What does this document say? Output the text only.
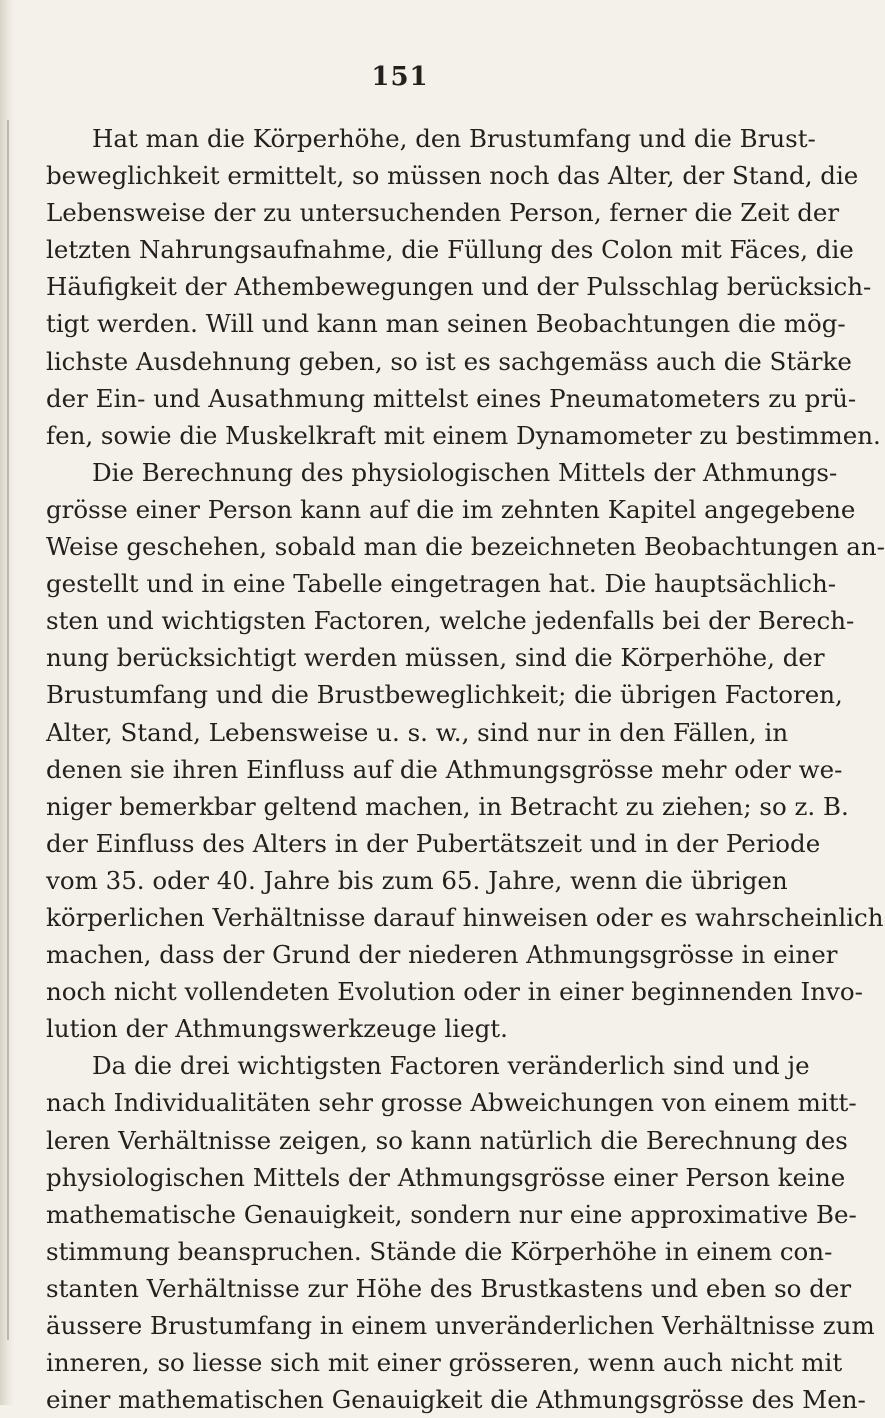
151
Hat man die Körperhöhe, den Brustumfang und die Brust-
beweglichkeit ermittelt, so müssen noch das Alter, der Stand, die
Lebensweise der zu untersuchenden Person, ferner die Zeit der
letzten Nahrungsaufnahme, die Füllung des Colon mit Fäces, die
Häufigkeit der Athembewegungen und der Pulsschlag berücksich-
tigt werden. Will und kann man seinen Beobachtungen die mög-
lichste Ausdehnung geben, so ist es sachgemäss auch die Stärke
der Ein- und Ausathmung mittelst eines Pneumatometers zu prü-
fen, sowie die Muskelkraft mit einem Dynamometer zu bestimmen.
Die Berechnung des physiologischen Mittels der Athmungs-
grösse einer Person kann auf die im zehnten Kapitel angegebene
Weise geschehen, sobald man die bezeichneten Beobachtungen an-
gestellt und in eine Tabelle eingetragen hat. Die hauptsächlich-
sten und wichtigsten Factoren, welche jedenfalls bei der Berech-
nung berücksichtigt werden müssen, sind die Körperhöhe, der
Brustumfang und die Brustbeweglichkeit; die übrigen Factoren,
Alter, Stand, Lebensweise u. s. w., sind nur in den Fällen, in
denen sie ihren Einfluss auf die Athmungsgrösse mehr oder we-
niger bemerkbar geltend machen, in Betracht zu ziehen; so z. B.
der Einfluss des Alters in der Pubertätszeit und in der Periode
vom 35. oder 40. Jahre bis zum 65. Jahre, wenn die übrigen
körperlichen Verhältnisse darauf hinweisen oder es wahrscheinlich
machen, dass der Grund der niederen Athmungsgrösse in einer
noch nicht vollendeten Evolution oder in einer beginnenden Invo-
lution der Athmungswerkzeuge liegt.
Da die drei wichtigsten Factoren veränderlich sind und je
nach Individualitäten sehr grosse Abweichungen von einem mitt-
leren Verhältnisse zeigen, so kann natürlich die Berechnung des
physiologischen Mittels der Athmungsgrösse einer Person keine
mathematische Genauigkeit, sondern nur eine approximative Be-
stimmung beanspruchen. Stände die Körperhöhe in einem con-
stanten Verhältnisse zur Höhe des Brustkastens und eben so der
äussere Brustumfang in einem unveränderlichen Verhältnisse zum
inneren, so liesse sich mit einer grösseren, wenn auch nicht mit
einer mathematischen Genauigkeit die Athmungsgrösse des Men-
